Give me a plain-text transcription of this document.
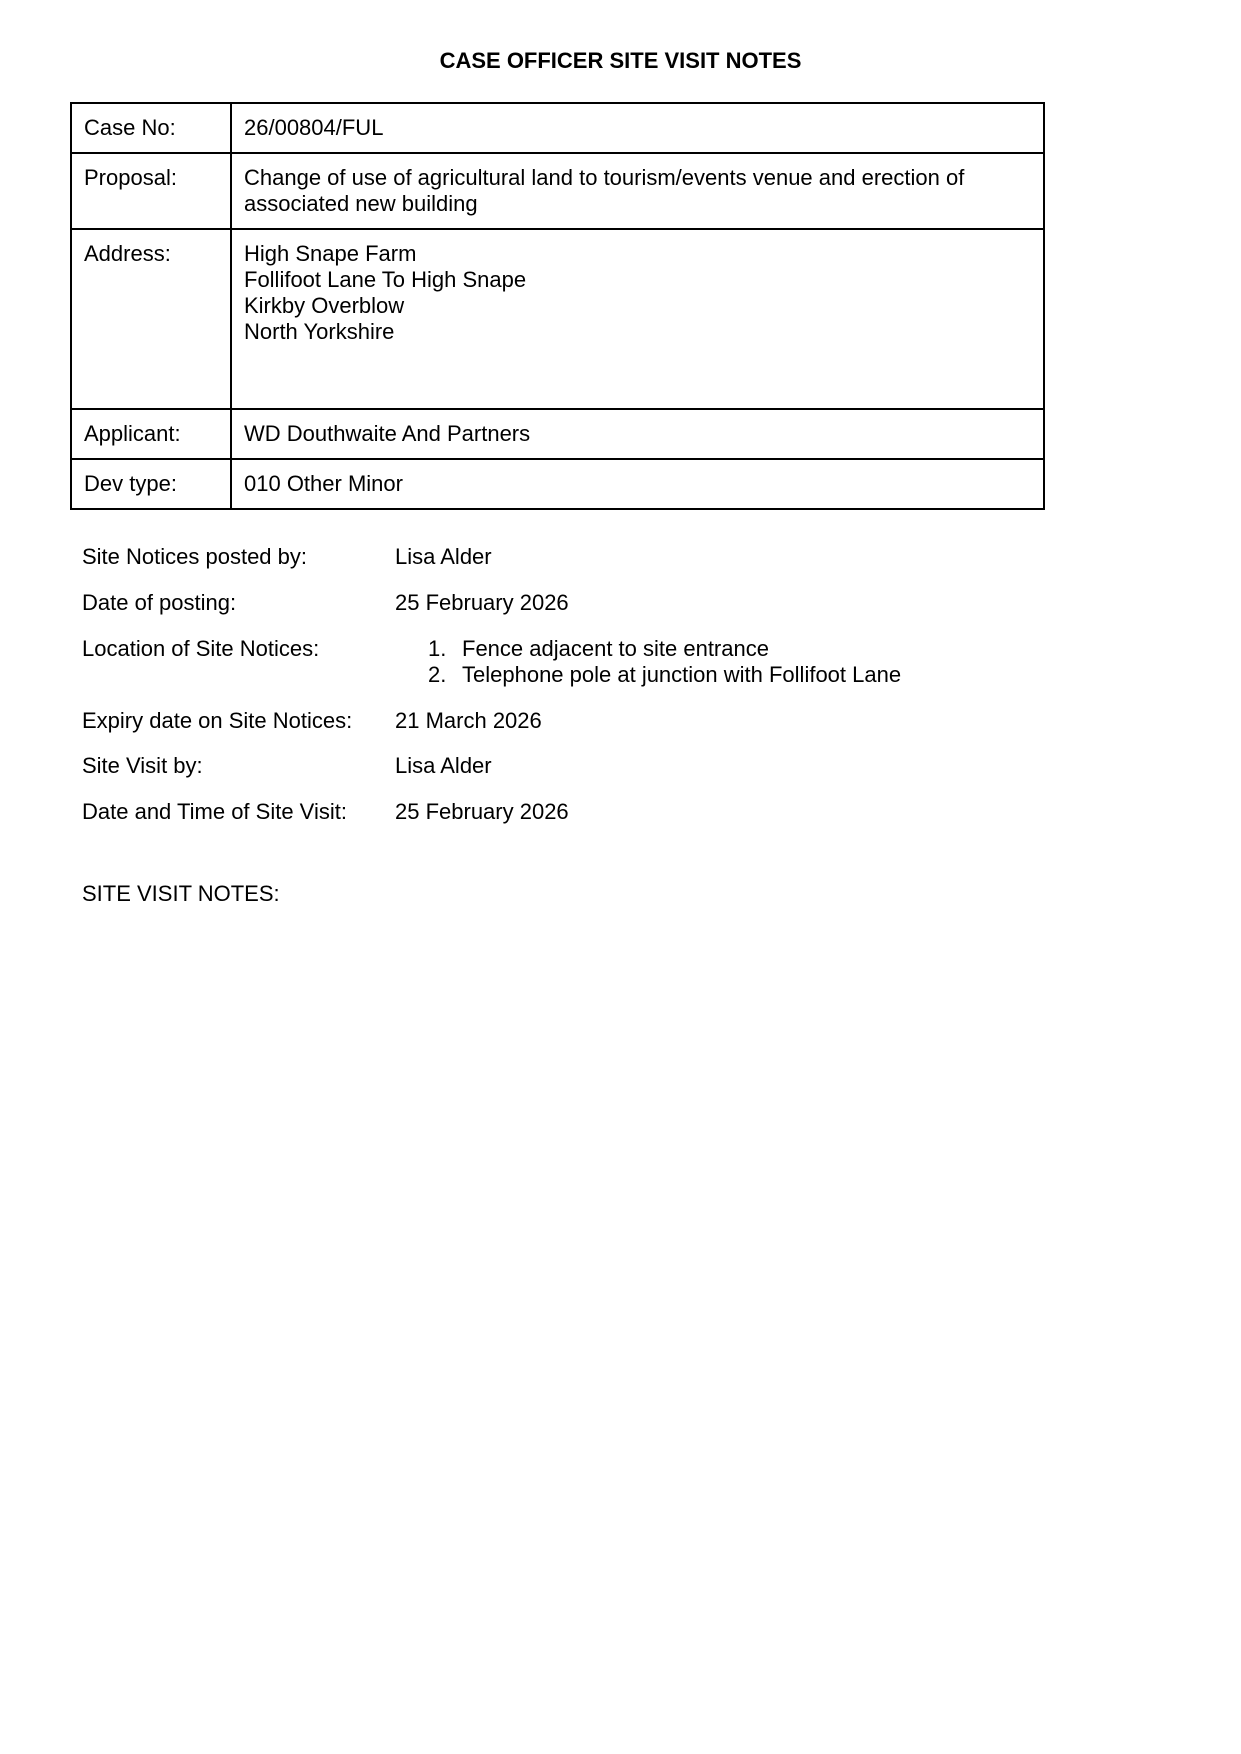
CASE OFFICER SITE VISIT NOTES
Case No:	26/00804/FUL
Proposal:	Change of use of agricultural land to tourism/events venue and erection of associated new building
Address:	High Snape Farm
Follifoot Lane To High Snape
Kirkby Overblow
North Yorkshire

Applicant:	WD Douthwaite And Partners
Dev type:	010 Other Minor
Site Notices posted by:	Lisa Alder
Date of posting:	25 February 2026
Location of Site Notices:	1. Fence adjacent to site entrance
2. Telephone pole at junction with Follifoot Lane
Expiry date on Site Notices:	21 March 2026
Site Visit by:	Lisa Alder
Date and Time of Site Visit:	25 February 2026
SITE VISIT NOTES:
